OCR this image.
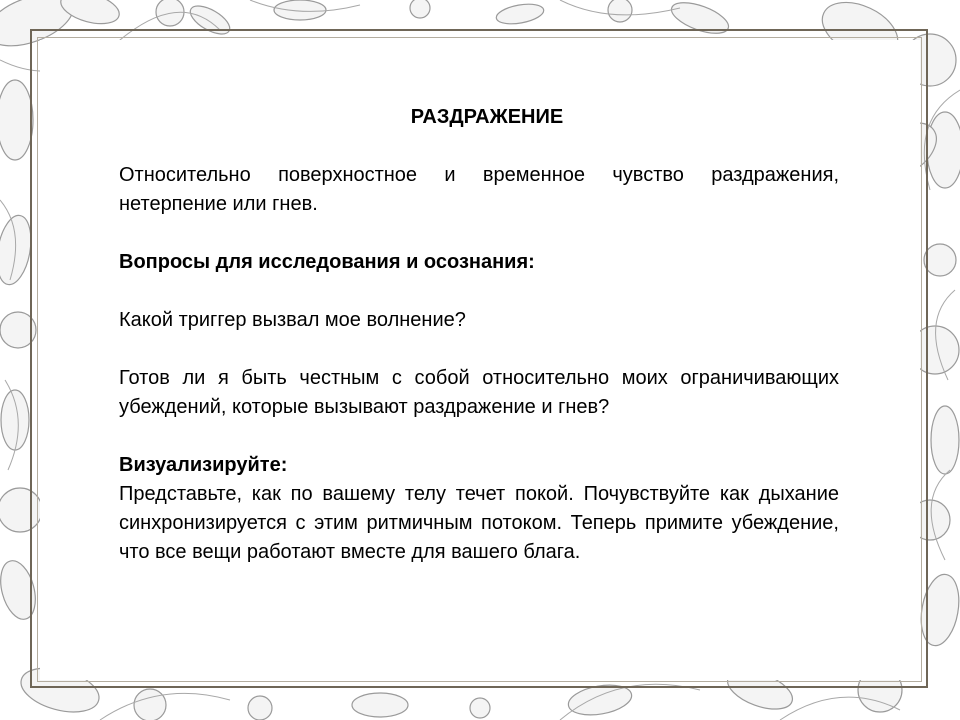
РАЗДРАЖЕНИЕ
Относительно поверхностное и временное чувство раздражения, нетерпение или гнев.
Вопросы для исследования и осознания:
Какой триггер вызвал мое волнение?
Готов ли я быть честным с собой относительно моих ограничивающих убеждений, которые вызывают раздражение и гнев?
Визуализируйте:
Представьте, как по вашему телу течет покой. Почувствуйте как дыхание синхронизируется с этим ритмичным потоком. Теперь примите убеждение, что все вещи работают вместе для вашего блага.
